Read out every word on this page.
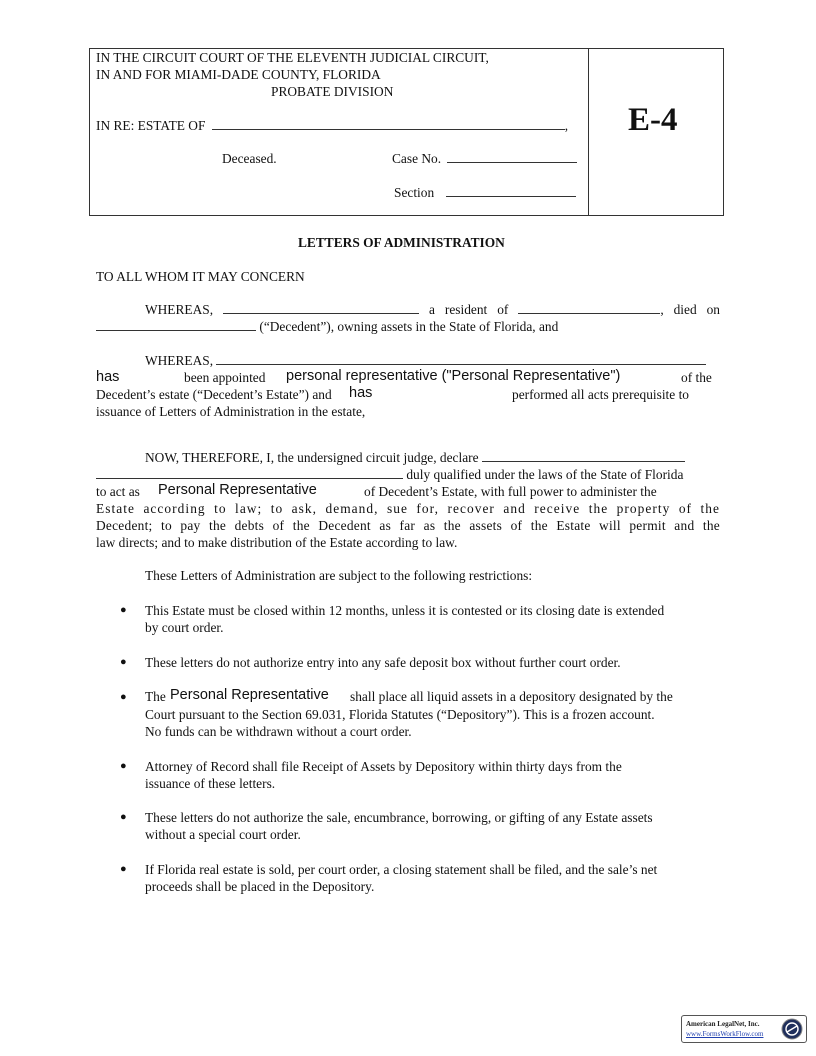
IN THE CIRCUIT COURT OF THE ELEVENTH JUDICIAL CIRCUIT,
IN AND FOR MIAMI-DADE COUNTY, FLORIDA
PROBATE DIVISION
IN RE: ESTATE OF	,
Deceased.	Case No.
Section
E-4
LETTERS OF ADMINISTRATION
TO ALL WHOM IT MAY CONCERN
WHEREAS,	a resident of	, died on
(“Decedent”), owning assets in the State of Florida, and
WHEREAS,
has	been appointed personal representative ("Personal Representative")	of the
Decedent’s estate (“Decedent’s Estate”) and has	performed all acts prerequisite to
issuance of Letters of Administration in the estate,
NOW, THEREFORE, I, the undersigned circuit judge, declare
duly qualified under the laws of the State of Florida
to act as Personal Representative	of Decedent’s Estate, with full power to administer the
Estate according to law; to ask, demand, sue for, recover and receive the property of the
Decedent; to pay the debts of the Decedent as far as the assets of the Estate will permit and the
law directs; and to make distribution of the Estate according to law.
These Letters of Administration are subject to the following restrictions:
● This Estate must be closed within 12 months, unless it is contested or its closing date is extended
by court order.
● These letters do not authorize entry into any safe deposit box without further court order.
● The Personal Representative shall place all liquid assets in a depository designated by the
Court pursuant to the Section 69.031, Florida Statutes (“Depository”). This is a frozen account.
No funds can be withdrawn without a court order.
● Attorney of Record shall file Receipt of Assets by Depository within thirty days from the
issuance of these letters.
● These letters do not authorize the sale, encumbrance, borrowing, or gifting of any Estate assets
without a special court order.
● If Florida real estate is sold, per court order, a closing statement shall be filed, and the sale’s net
proceeds shall be placed in the Depository.
American LegalNet, Inc.
www.FormsWorkFlow.com
